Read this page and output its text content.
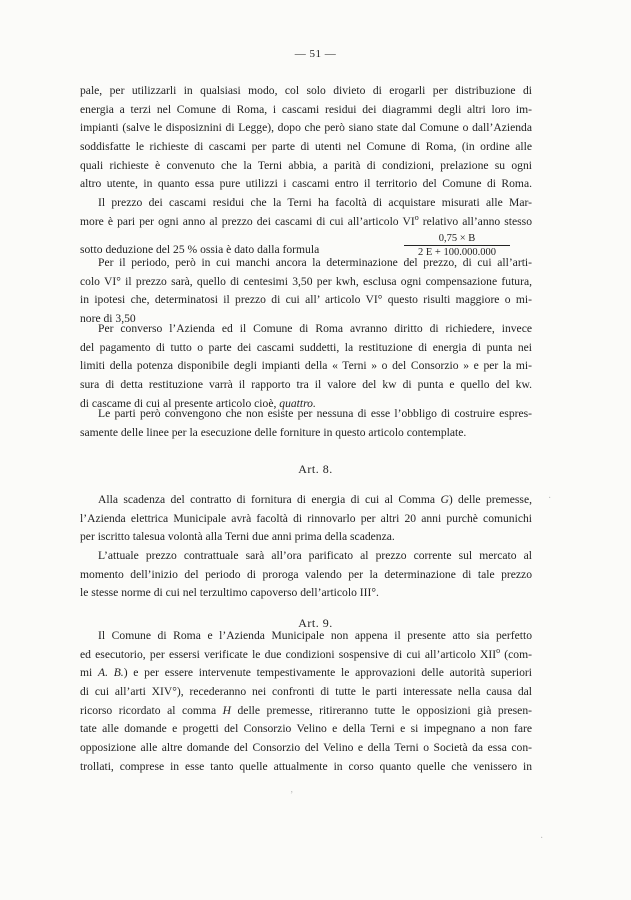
— 51 —
pale, per utilizzarli in qualsiasi modo, col solo divieto di erogarli per distribuzione di
energia a terzi nel Comune di Roma, i cascami residui dei diagrammi degli altri loro im-
impianti (salve le disposiznini di Legge), dopo che però siano state dal Comune o dall’Azienda
soddisfatte le richieste di cascami per parte di utenti nel Comune di Roma, (in ordine alle
quali richieste è convenuto che la Terni abbia, a parità di condizioni, prelazione su ogni
altro utente, in quanto essa pure utilizzi i cascami entro il territorio del Comune di Roma.
Il prezzo dei cascami residui che la Terni ha facoltà di acquistare misurati alle Mar-
more è pari per ogni anno al prezzo dei cascami di cui all’articolo $VI^o$ relativo all’anno stesso
sotto deduzione del 25 % ossia è dato dalla formula	$\frac{0,75 \times B}{2 E + 100.000.000}$
Per il periodo, però in cui manchi ancora la determinazione del prezzo, di cui all’arti-
colo VI° il prezzo sarà, quello di centesimi 3,50 per kwh, esclusa ogni compensazione futura,
in ipotesi che, determinatosi il prezzo di cui all’ articolo VI° questo risulti maggiore o mi-
nore di 3,50
Per converso l’Azienda ed il Comune di Roma avranno diritto di richiedere, invece
del pagamento di tutto o parte dei cascami suddetti, la restituzione di energia di punta nei
limiti della potenza disponibile degli impianti della « Terni » o del Consorzio » e per la mi-
sura di detta restituzione varrà il rapporto tra il valore del kw di punta e quello del kw.
di cascame di cui al presente articolo cioè, quattro.
Le parti però convengono che non esiste per nessuna di esse l’obbligo di costruire espres-
samente delle linee per la esecuzione delle forniture in questo articolo contemplate.
Art. 8.
Alla scadenza del contratto di fornitura di energia di cui al Comma G) delle premesse,
l’Azienda elettrica Municipale avrà facoltà di rinnovarlo per altri 20 anni purchè comunichi
per iscritto talesua volontà alla Terni due anni prima della scadenza.
L’attuale prezzo contrattuale sarà all’ora parificato al prezzo corrente sul mercato al
momento dell’inizio del periodo di proroga valendo per la determinazione di tale prezzo
le stesse norme di cui nel terzultimo capoverso dell’articolo III°.
Art. 9.
Il Comune di Roma e l’Azienda Municipale non appena il presente atto sia perfetto
ed esecutorio, per essersi verificate le due condizioni sospensive di cui all’articolo XII$^o$ (com-
mi A. B.) e per essere intervenute tempestivamente le approvazioni delle autorità superiori
di cui all’arti XIV°), recederanno nei confronti di tutte le parti interessate nella causa dal
ricorso ricordato al comma H delle premesse, ritireranno tutte le opposizioni già presen-
tate alle domande e progetti del Consorzio Velino e della Terni e si impegnano a non fare
opposizione alle altre domande del Consorzio del Velino e della Terni o Società da essa con-
trollati, comprese in esse tanto quelle attualmente in corso quanto quelle che venissero in
·
·
’
